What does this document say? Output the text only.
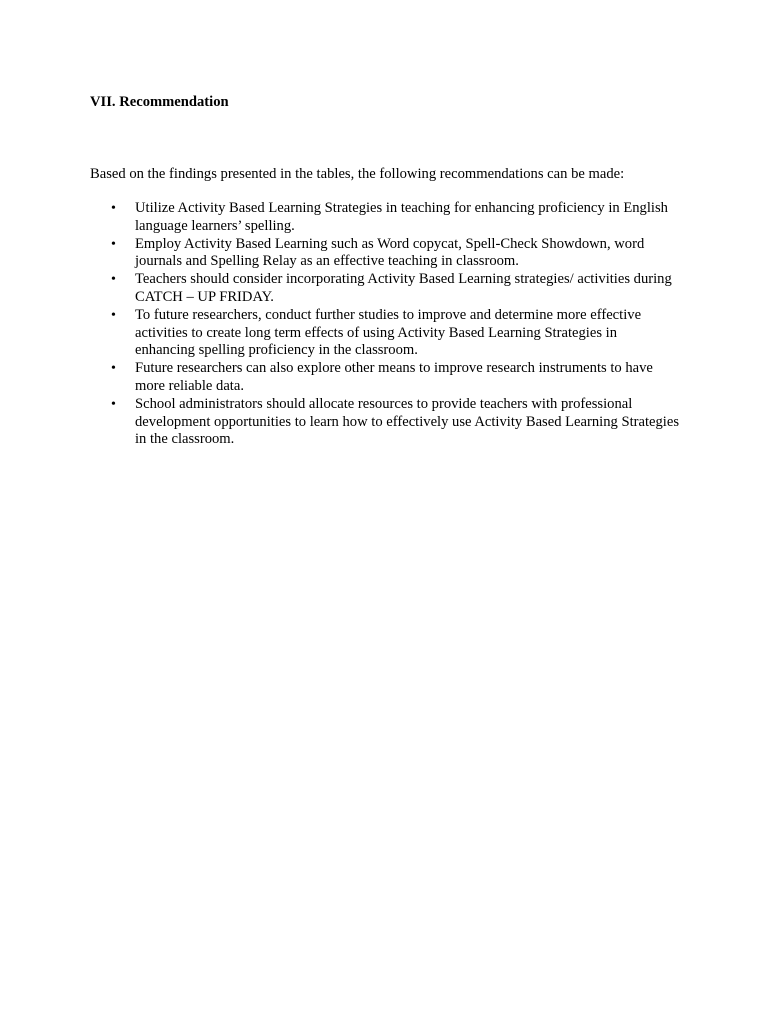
VII. Recommendation
Based on the findings presented in the tables, the following recommendations can be made:
•	Utilize Activity Based Learning Strategies in teaching for enhancing proficiency in English language learners’ spelling.
•	Employ Activity Based Learning such as Word copycat, Spell-Check Showdown, word journals and Spelling Relay as an effective teaching in classroom.
•	Teachers should consider incorporating Activity Based Learning strategies/ activities during CATCH – UP FRIDAY.
•	To future researchers, conduct further studies to improve and determine more effective activities to create long term effects of using Activity Based Learning Strategies in enhancing spelling proficiency in the classroom.
•	Future researchers can also explore other means to improve research instruments to have more reliable data.
•	School administrators should allocate resources to provide teachers with professional development opportunities to learn how to effectively use Activity Based Learning Strategies in the classroom.
